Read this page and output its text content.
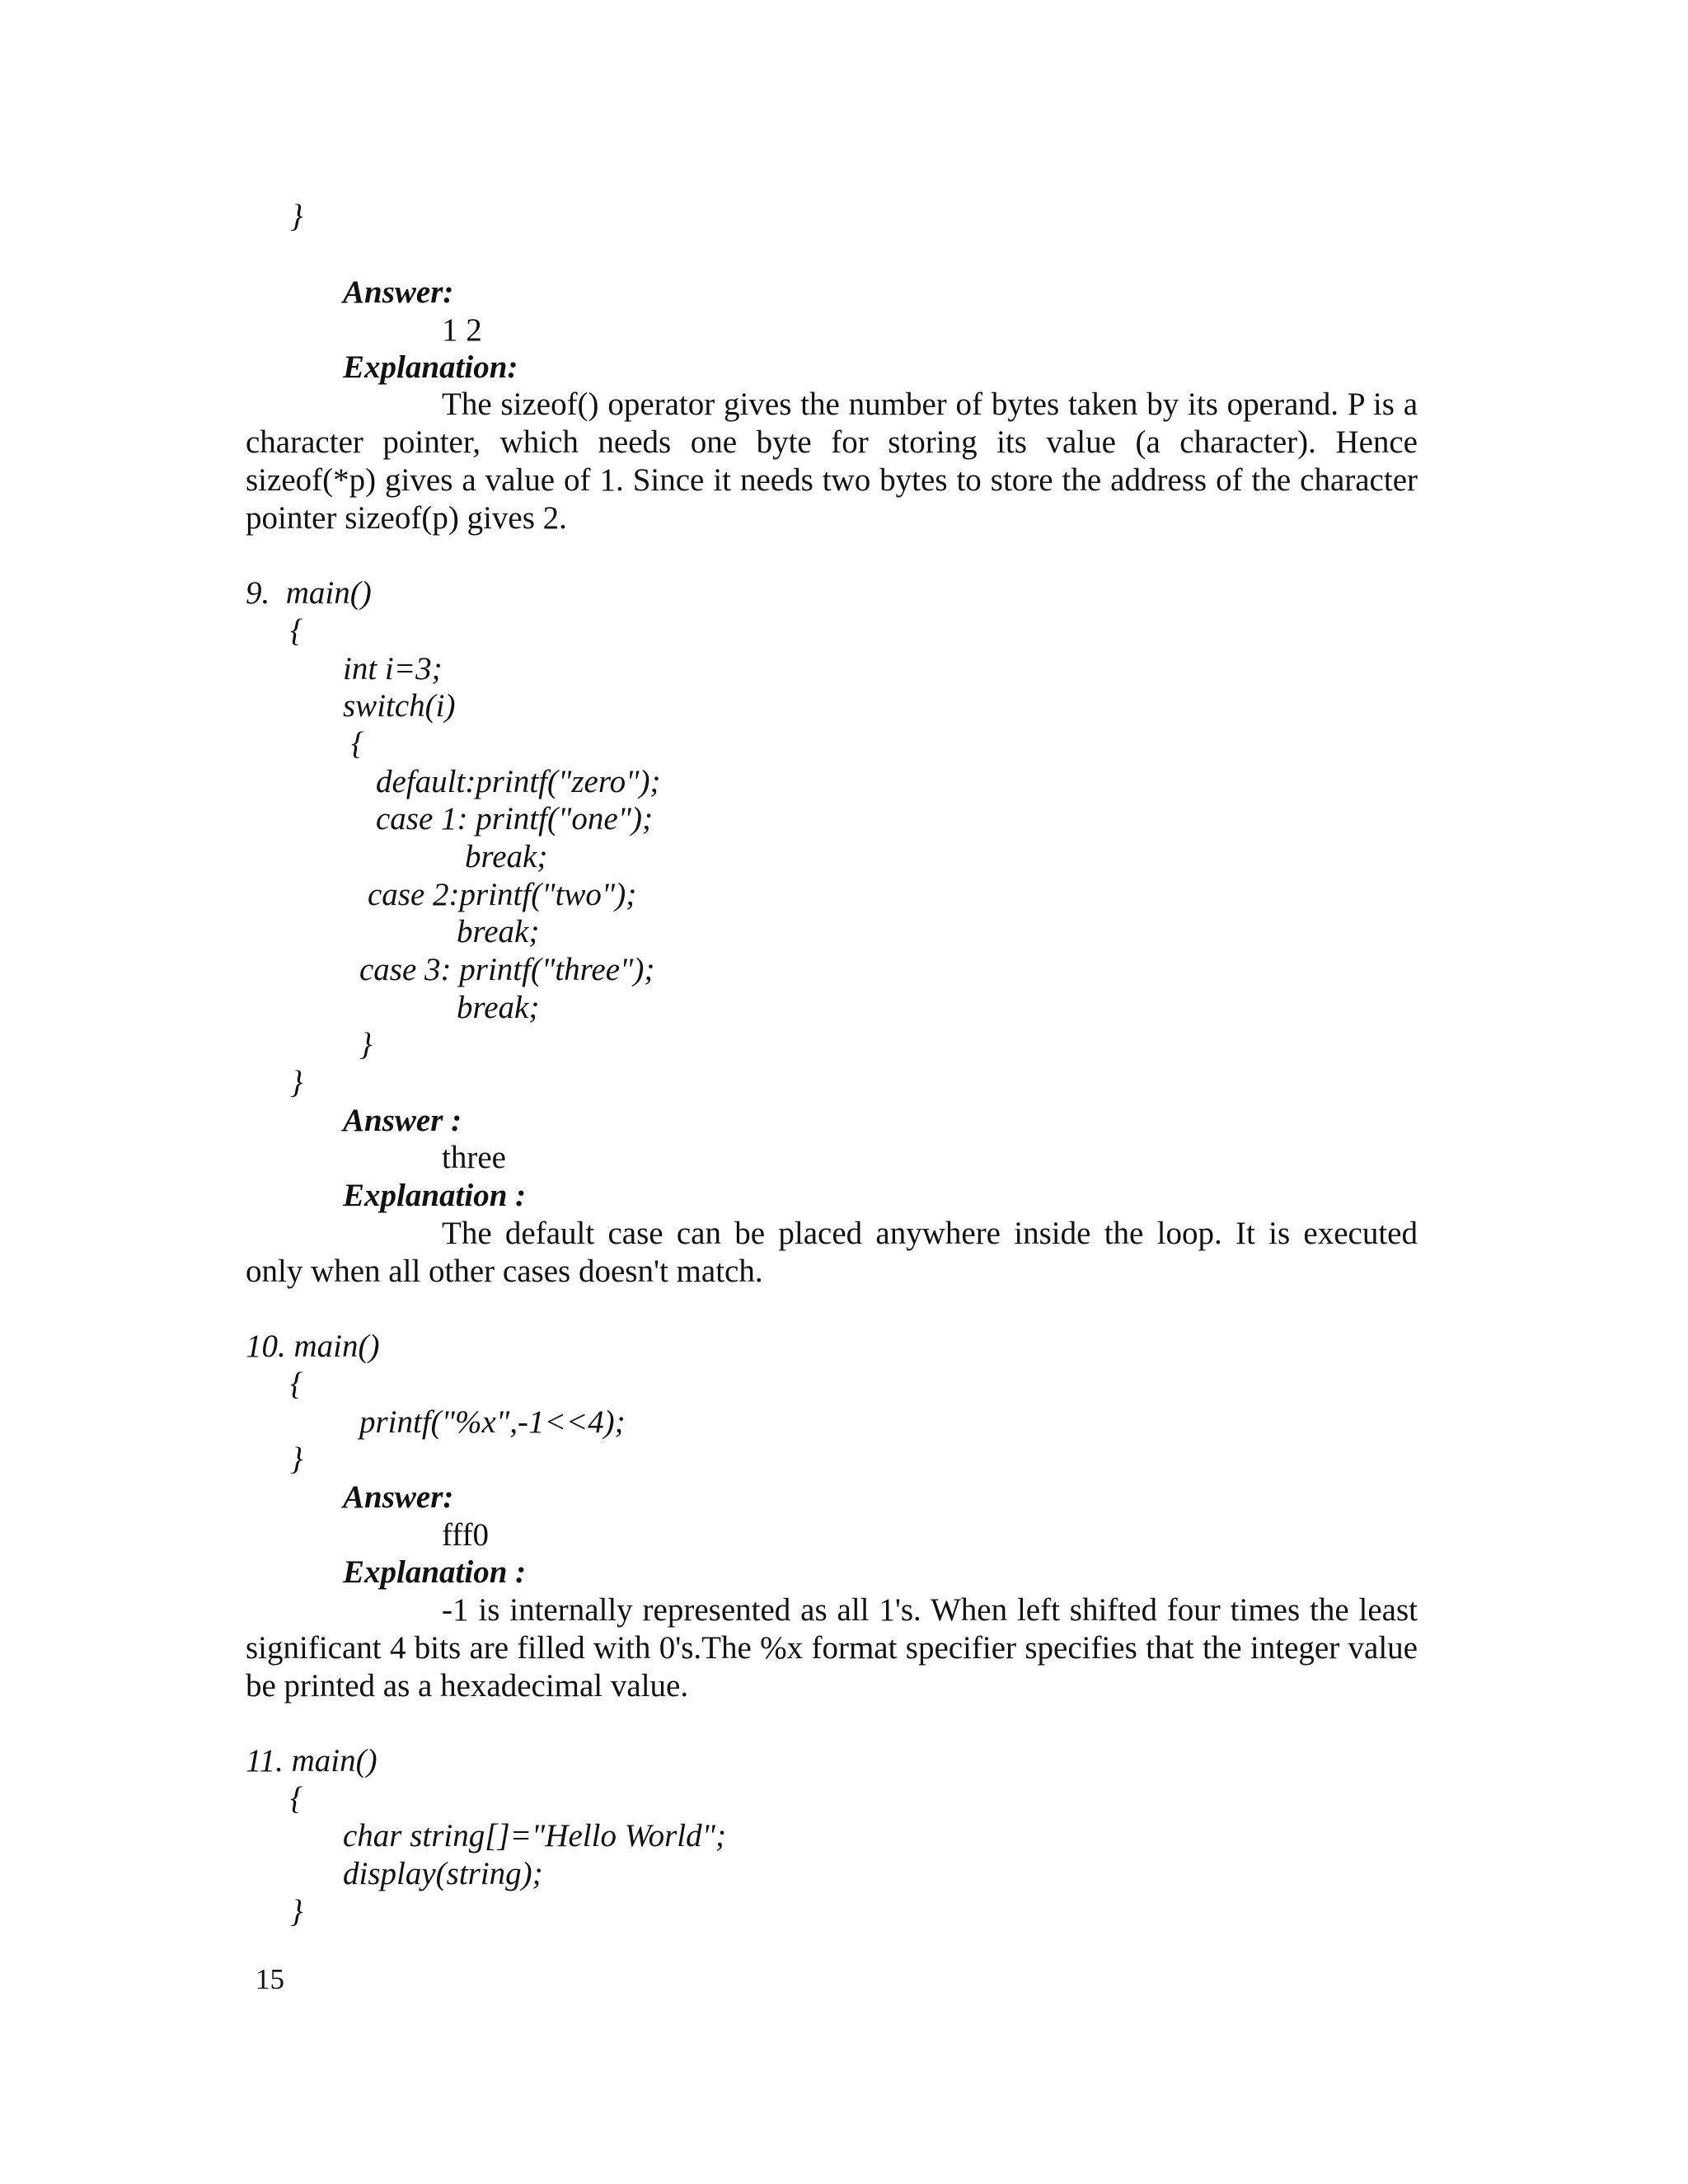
}
Answer:
1 2
Explanation:
The sizeof() operator gives the number of bytes taken by its operand. P is a character pointer, which needs one byte for storing its value (a character). Hence sizeof(*p) gives a value of 1. Since it needs two bytes to store the address of the character pointer sizeof(p) gives 2.
9.  main()
{
int i=3;
switch(i)
{
default:printf("zero");
case 1: printf("one");
break;
case 2:printf("two");
break;
case 3: printf("three");
break;
}
}
Answer :
three
Explanation :
The default case can be placed anywhere inside the loop. It is executed only when all other cases doesn't match.
10. main()
{
printf("%x",-1<<4);
}
Answer:
fff0
Explanation :
-1 is internally represented as all 1's. When left shifted four times the least significant 4 bits are filled with 0's.The %x format specifier specifies that the integer value be printed as a hexadecimal value.
11. main()
{
char string[]="Hello World";
display(string);
}
15
